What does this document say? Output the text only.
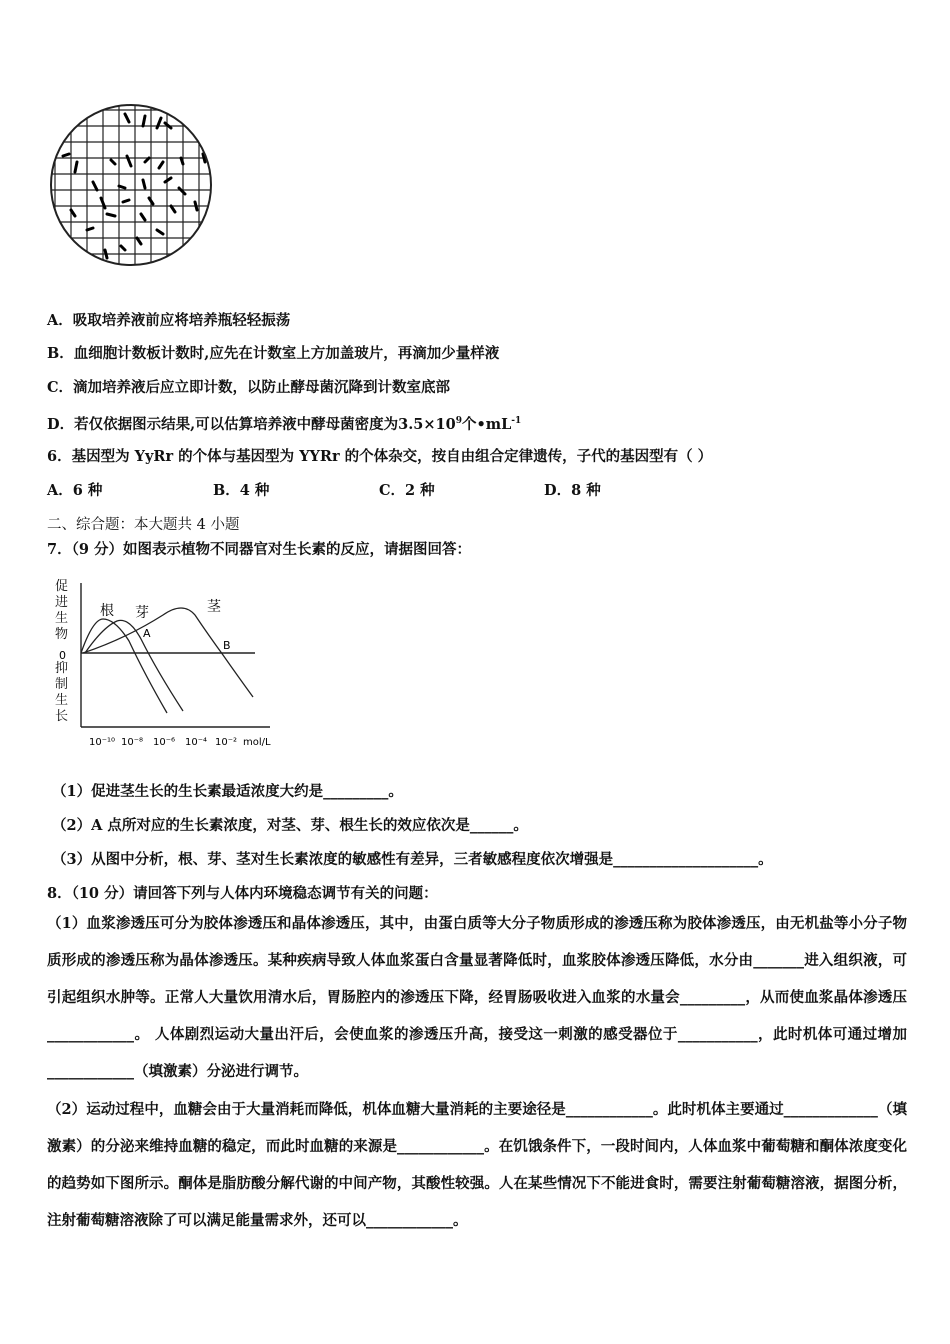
A．吸取培养液前应将培养瓶轻轻振荡
B．血细胞计数板计数时,应先在计数室上方加盖玻片，再滴加少量样液
C．滴加培养液后应立即计数，以防止酵母菌沉降到计数室底部
D．若仅依据图示结果,可以估算培养液中酵母菌密度为$3.5\times 10^9$个$•mL^{-1}$
6．基因型为 YyRr 的个体与基因型为 YYRr 的个体杂交，按自由组合定律遗传，子代的基因型有（ ）
A．6 种	B．4 种	C．2 种	D．8 种
二、综合题：本大题共 4 小题
7．（9 分）如图表示植物不同器官对生长素的反应，请据图回答：
0
根 芽	茎
A
B
10⁻¹⁰ 10⁻⁸ 10⁻⁶ 10⁻⁴ 10⁻² mol/L
促进生物
抑制生长
（1）促进茎生长的生长素最适浓度大约是_________。
（2）A 点所对应的生长素浓度，对茎、芽、根生长的效应依次是______。
（3）从图中分析，根、芽、茎对生长素浓度的敏感性有差异，三者敏感程度依次增强是____________________。
8．（10 分）请回答下列与人体内环境稳态调节有关的问题：
（1）血浆渗透压可分为胶体渗透压和晶体渗透压，其中，由蛋白质等大分子物质形成的渗透压称为胶体渗透压，由无机盐等小分子物质形成的渗透压称为晶体渗透压。某种疾病导致人体血浆蛋白含量显著降低时，血浆胶体渗透压降低，水分由_______进入组织液，可引起组织水肿等。正常人大量饮用清水后，胃肠腔内的渗透压下降，经胃肠吸收进入血浆的水量会_________，从而使血浆晶体渗透压____________。 人体剧烈运动大量出汗后，会使血浆的渗透压升高，接受这一刺激的感受器位于___________，此时机体可通过增加____________（填激素）分泌进行调节。
（2）运动过程中，血糖会由于大量消耗而降低，机体血糖大量消耗的主要途径是____________。此时机体主要通过_____________（填激素）的分泌来维持血糖的稳定，而此时血糖的来源是____________。在饥饿条件下，一段时间内，人体血浆中葡萄糖和酮体浓度变化的趋势如下图所示。酮体是脂肪酸分解代谢的中间产物，其酸性较强。人在某些情况下不能进食时，需要注射葡萄糖溶液，据图分析，注射葡萄糖溶液除了可以满足能量需求外，还可以____________。
